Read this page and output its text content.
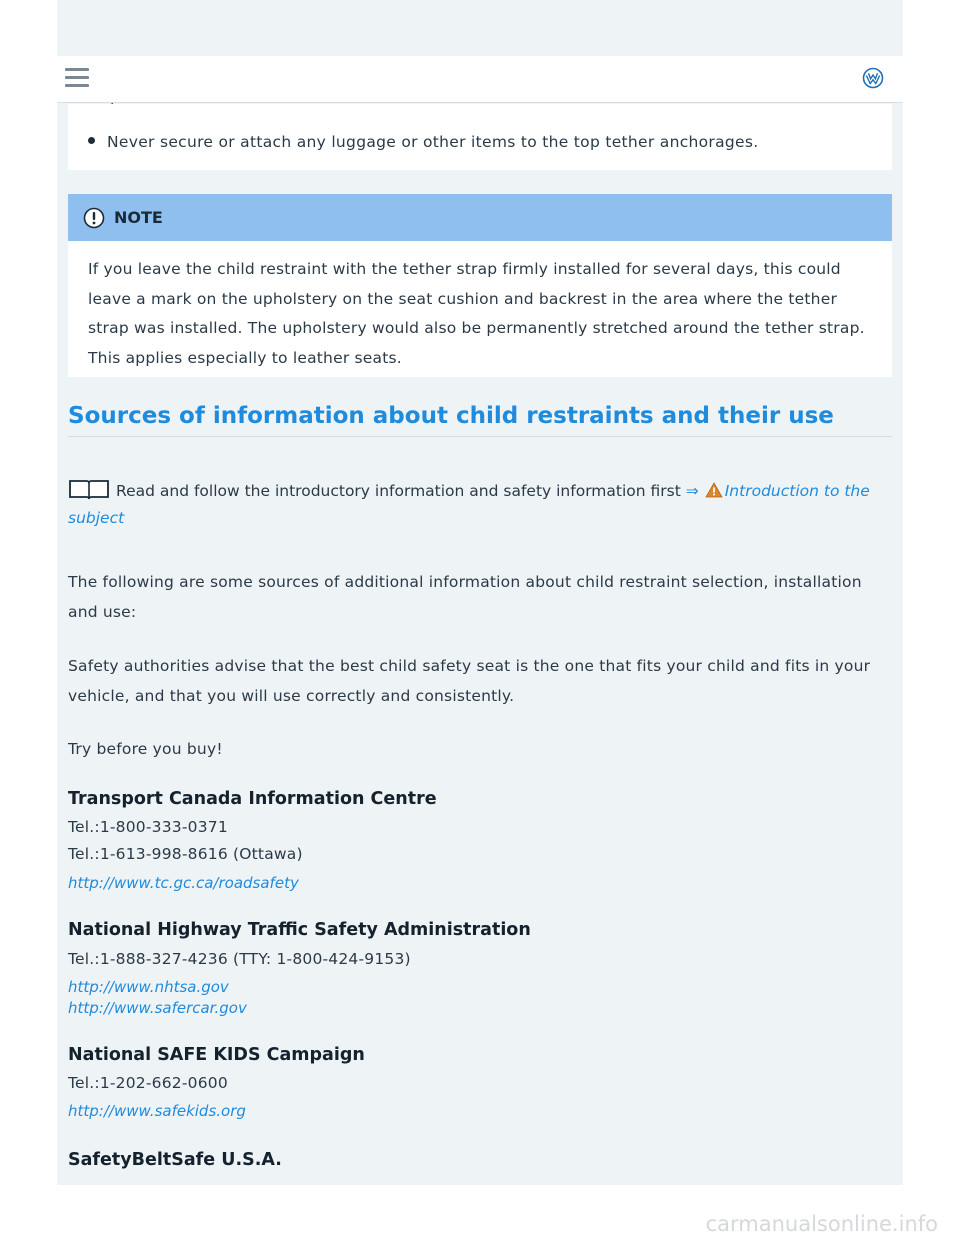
Never secure or attach any luggage or other items to the top tether anchorages.
NOTE
If you leave the child restraint with the tether strap firmly installed for several days, this could
leave a mark on the upholstery on the seat cushion and backrest in the area where the tether
strap was installed. The upholstery would also be permanently stretched around the tether strap.
This applies especially to leather seats.
Sources of information about child restraints and their use
Read and follow the introductory information and safety information first ⇒ Introduction to the subject
The following are some sources of additional information about child restraint selection, installation and use:
Safety authorities advise that the best child safety seat is the one that fits your child and fits in your vehicle, and that you will use correctly and consistently.
Try before you buy!
Transport Canada Information Centre
Tel.:1-800-333-0371
Tel.:1-613-998-8616 (Ottawa)
http://www.tc.gc.ca/roadsafety
National Highway Traffic Safety Administration
Tel.:1-888-327-4236 (TTY: 1-800-424-9153)
http://www.nhtsa.gov
http://www.safercar.gov
National SAFE KIDS Campaign
Tel.:1-202-662-0600
http://www.safekids.org
SafetyBeltSafe U.S.A.
carmanualsonline.info
